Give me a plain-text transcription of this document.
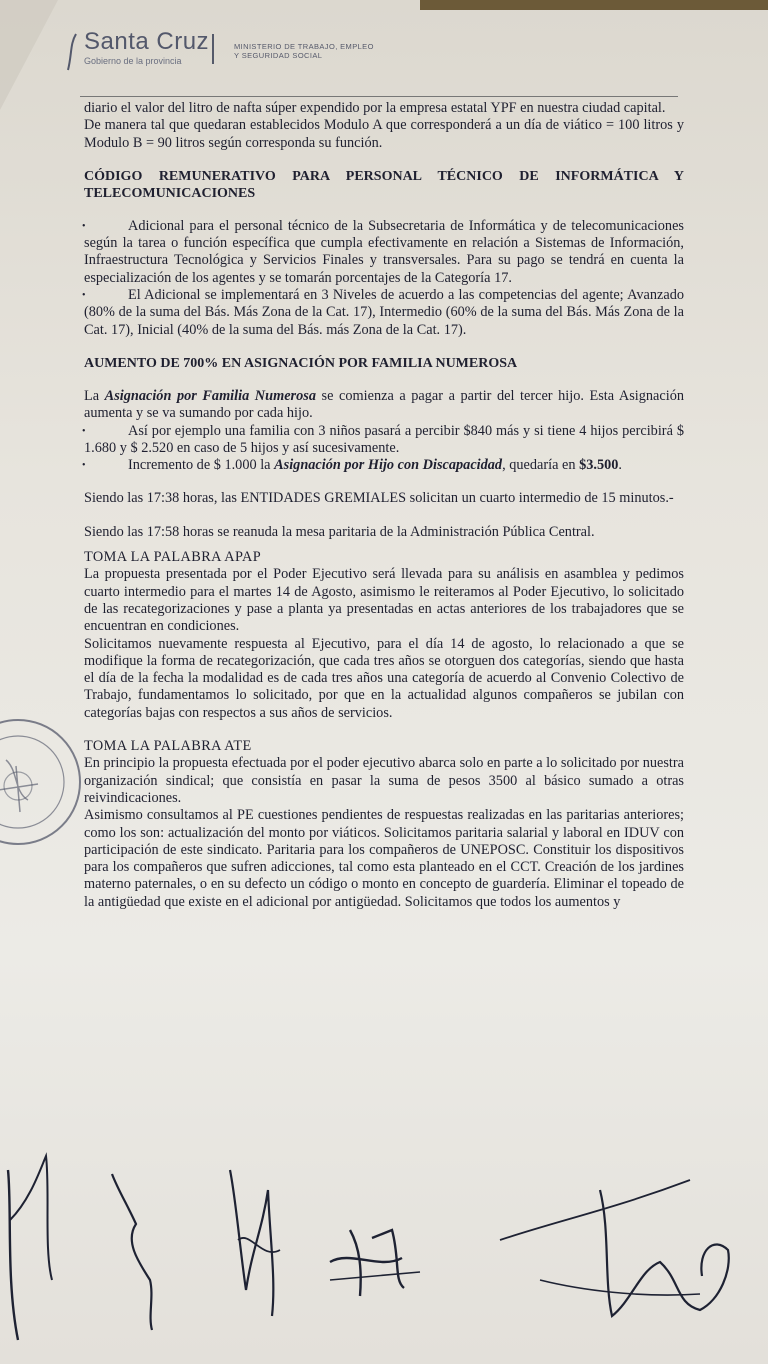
Santa Cruz
Gobierno de la provincia
MINISTERIO DE TRABAJO, EMPLEO
Y SEGURIDAD SOCIAL

diario el valor del litro de nafta súper expendido por la empresa estatal YPF en nuestra ciudad capital.

De manera tal que quedaran establecidos Modulo A que corresponderá a un día de viático = 100 litros y Modulo B = 90 litros según corresponda su función.

CÓDIGO REMUNERATIVO PARA PERSONAL TÉCNICO DE INFORMÁTICA Y TELECOMUNICACIONES

•	Adicional para el personal técnico de la Subsecretaria de Informática y de telecomunicaciones según la tarea o función específica que cumpla efectivamente en relación a Sistemas de Información, Infraestructura Tecnológica y Servicios Finales y transversales. Para su pago se tendrá en cuenta la especialización de los agentes y se tomarán porcentajes de la Categoría 17.

•	El Adicional se implementará en 3 Niveles de acuerdo a las competencias del agente; Avanzado (80% de la suma del Bás. Más Zona de la Cat. 17), Intermedio (60% de la suma del Bás. Más Zona de la Cat. 17), Inicial (40% de la suma del Bás. más Zona de la Cat. 17).

AUMENTO DE 700% EN ASIGNACIÓN POR FAMILIA NUMEROSA

La Asignación por Familia Numerosa se comienza a pagar a partir del tercer hijo. Esta Asignación aumenta y se va sumando por cada hijo.

•	Así por ejemplo una familia con 3 niños pasará a percibir $840 más y si tiene 4 hijos percibirá $ 1.680 y $ 2.520 en caso de 5 hijos y así sucesivamente.

•	Incremento de $ 1.000 la Asignación por Hijo con Discapacidad, quedaría en $3.500.

Siendo las 17:38 horas, las ENTIDADES GREMIALES solicitan un cuarto intermedio de 15 minutos.-

Siendo las 17:58 horas se reanuda la mesa paritaria de la Administración Pública Central.

TOMA LA PALABRA APAP

La propuesta presentada por el Poder Ejecutivo será llevada para su análisis en asamblea y pedimos cuarto intermedio para el martes 14 de Agosto, asimismo le reiteramos al Poder Ejecutivo, lo solicitado de las recategorizaciones y pase a planta ya presentadas en actas anteriores de los trabajadores que se encuentran en condiciones.

Solicitamos nuevamente respuesta al Ejecutivo, para el día 14 de agosto, lo relacionado a que se modifique la forma de recategorización, que cada tres años se otorguen dos categorías, siendo que hasta el día de la fecha la modalidad es de cada tres años una categoría de acuerdo al Convenio Colectivo de Trabajo, fundamentamos lo solicitado, por que en la actualidad algunos compañeros se jubilan con categorías bajas con respectos a sus años de servicios.

TOMA LA PALABRA ATE

En principio la propuesta efectuada por el poder ejecutivo abarca solo en parte a lo solicitado por nuestra organización sindical; que consistía en pasar la suma de pesos 3500 al básico sumado a otras reivindicaciones.

Asimismo consultamos al PE cuestiones pendientes de respuestas realizadas en las paritarias anteriores; como los son: actualización del monto por viáticos. Solicitamos paritaria salarial y laboral en IDUV con participación de este sindicato. Paritaria para los compañeros de UNEPOSC. Constituir los dispositivos para los compañeros que sufren adicciones, tal como esta planteado en el CCT. Creación de los jardines materno paternales, o en su defecto un código o monto en concepto de guardería. Eliminar el topeado de la antigüedad que existe en el adicional por antigüedad. Solicitamos que todos los aumentos y
